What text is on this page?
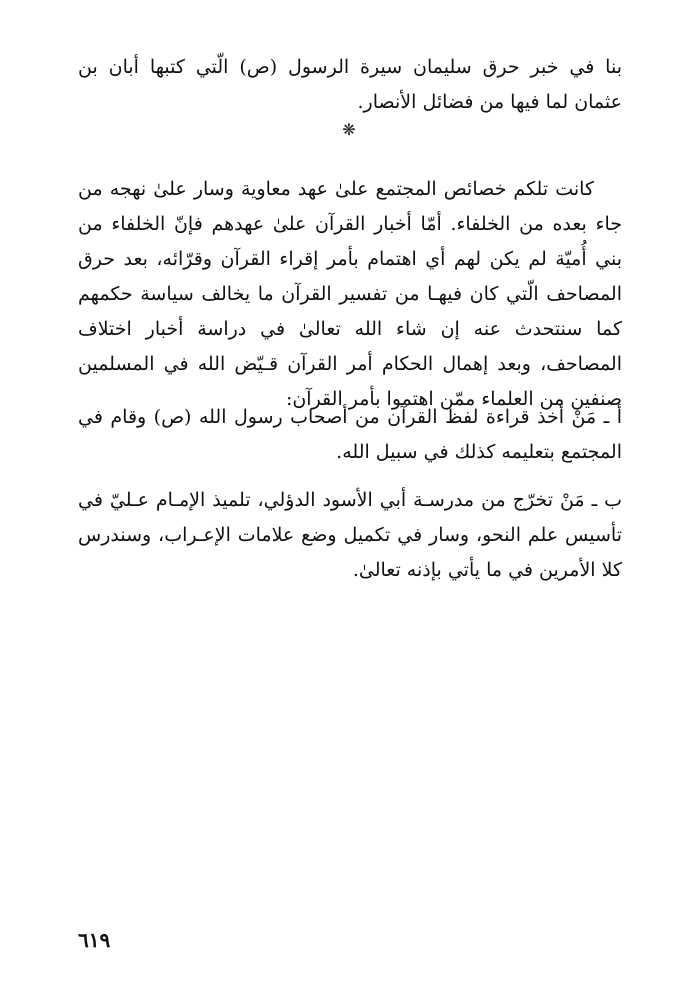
بنا في خبر حرق سليمان سيرة الرسول (ص) الّتي كتبها أبان بن عثمان لما فيها من فضائل الأنصار.

❋

كانت تلكم خصائص المجتمع علىٰ عهد معاوية وسار علىٰ نهجه من جاء بعده من الخلفاء. أمّا أخبار القرآن علىٰ عهدهم فإنّ الخلفاء من بني أُميّة لم يكن لهم أي اهتمام بأمر إقراء القرآن وقرّائه، بعد حرق المصاحف الّتي كان فيهـا من تفسير القرآن ما يخالف سياسة حكمهم كما سنتحدث عنه إن شاء الله تعالىٰ في دراسة أخبار اختلاف المصاحف، وبعد إهمال الحكام أمر القرآن قـيّض الله في المسلمين صنفين من العلماء ممّن اهتموا بأمر القرآن:

أ ـ مَنْ أخذ قراءة لفظ القرآن من أصحاب رسول الله (ص) وقام في المجتمع بتعليمه كذلك في سبيل الله.

ب ـ مَنْ تخرّج من مدرسـة أبي الأسود الدؤلي، تلميذ الإمـام عـليّ في تأسيس علم النحو، وسار في تكميل وضع علامات الإعـراب، وسندرس كلا الأمرين في ما يأتي بإذنه تعالىٰ.

٦١٩
